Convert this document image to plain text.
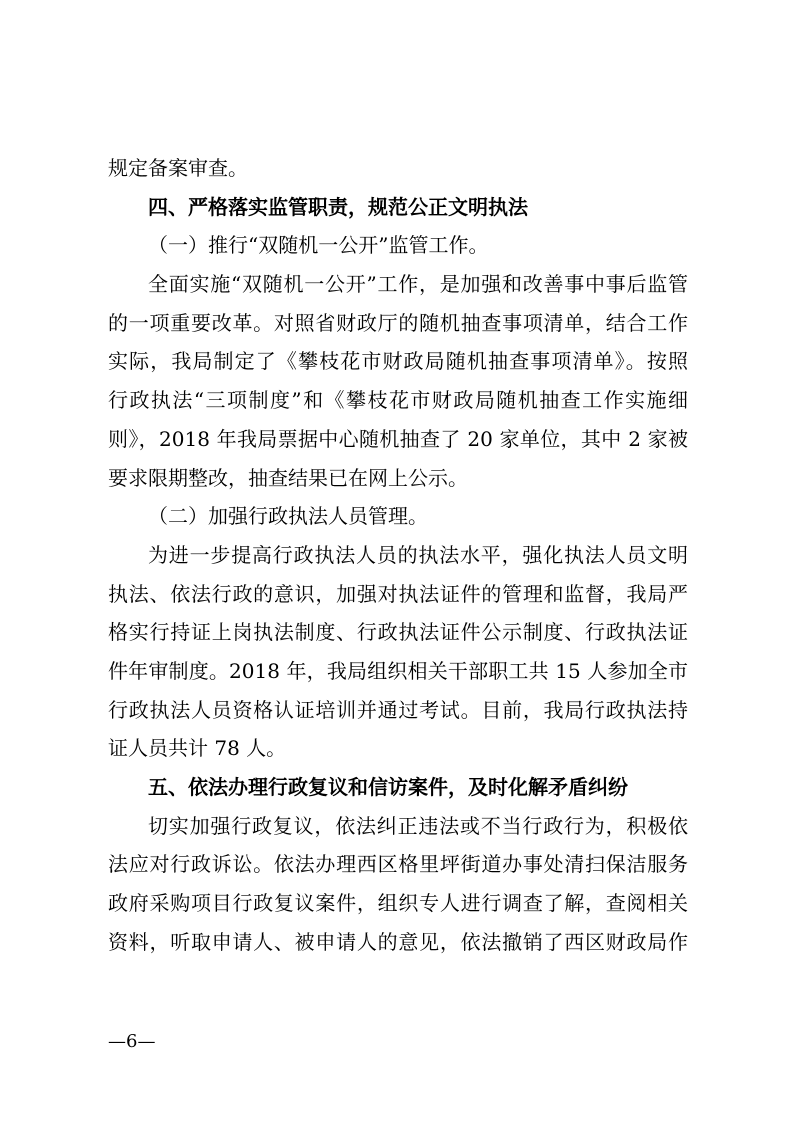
规定备案审查。
四、严格落实监管职责，规范公正文明执法
（一）推行“双随机一公开”监管工作。
全面实施“双随机一公开”工作，是加强和改善事中事后监管
的一项重要改革。对照省财政厅的随机抽查事项清单，结合工作
实际，我局制定了《攀枝花市财政局随机抽查事项清单》。按照
行政执法“三项制度”和《攀枝花市财政局随机抽查工作实施细
则》，2018 年我局票据中心随机抽查了 20 家单位，其中 2 家被
要求限期整改，抽查结果已在网上公示。
（二）加强行政执法人员管理。
为进一步提高行政执法人员的执法水平，强化执法人员文明
执法、依法行政的意识，加强对执法证件的管理和监督，我局严
格实行持证上岗执法制度、行政执法证件公示制度、行政执法证
件年审制度。2018 年，我局组织相关干部职工共 15 人参加全市
行政执法人员资格认证培训并通过考试。目前，我局行政执法持
证人员共计 78 人。
五、依法办理行政复议和信访案件，及时化解矛盾纠纷
切实加强行政复议，依法纠正违法或不当行政行为，积极依
法应对行政诉讼。依法办理西区格里坪街道办事处清扫保洁服务
政府采购项目行政复议案件，组织专人进行调查了解，查阅相关
资料，听取申请人、被申请人的意见，依法撤销了西区财政局作
—6—
